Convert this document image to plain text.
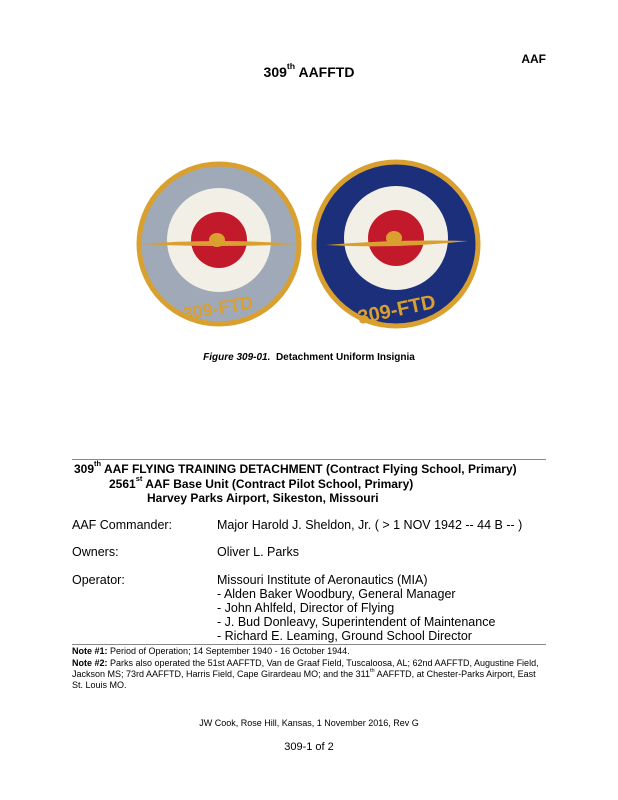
AAF
309th AAFFTD
309-FTD	309-FTD
Figure 309-01. Detachment Uniform Insignia
309th AAF FLYING TRAINING DETACHMENT (Contract Flying School, Primary)
2561st AAF Base Unit (Contract Pilot School, Primary)
Harvey Parks Airport, Sikeston, Missouri
AAF Commander:	Major Harold J. Sheldon, Jr. ( > 1 NOV 1942 -- 44 B -- )
Owners:	Oliver L. Parks
Operator:	Missouri Institute of Aeronautics (MIA)
- Alden Baker Woodbury, General Manager
- John Ahlfeld, Director of Flying
- J. Bud Donleavy, Superintendent of Maintenance
- Richard E. Leaming, Ground School Director
Note #1: Period of Operation; 14 September 1940 - 16 October 1944.
Note #2: Parks also operated the 51st AAFFTD, Van de Graaf Field, Tuscaloosa, AL; 62nd AAFFTD, Augustine Field, Jackson MS; 73rd AAFFTD, Harris Field, Cape Girardeau MO; and the 311th AAFFTD, at Chester-Parks Airport, East St. Louis MO.
JW Cook, Rose Hill, Kansas, 1 November 2016, Rev G
309-1 of 2
